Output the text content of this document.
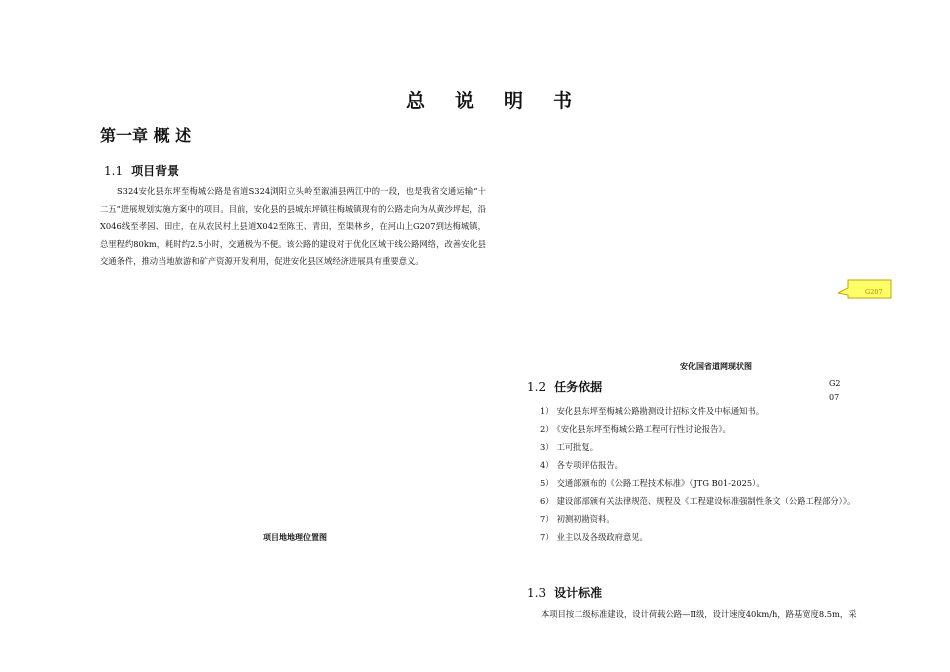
总说明书
第一章 概 述
1.1 项目背景
S324安化县东坪至梅城公路是省道S324浏阳立头岭至溆浦县两江中的一段，也是我省交通运输“十二五”进展规划实施方案中的项目。目前，安化县的县城东坪镇往梅城镇现有的公路走向为从黄沙坪起，沿X046线至孝园、田庄，在从农民村上县道X042至陈王、青田，至渠林乡，在河山上G207到达梅城镇，总里程约80km，耗时约2.5小时，交通极为不便。该公路的建设对于优化区域干线公路网络，改善安化县交通条件，推动当地旅游和矿产资源开发利用，促进安化县区域经济进展具有重要意义。
项目地地理位置图
G207
安化国省道网现状图
1.2 任务依据	G207
1） 安化县东坪至梅城公路勘测设计招标文件及中标通知书。
2） 《安化县东坪至梅城公路工程可行性讨论报告》。
3） 工可批复。
4） 各专项评估报告。
5） 交通部颁布的《公路工程技术标准》（JTG B01-2025）。
6） 建设部部颁有关法律规范、规程及《工程建设标准强制性条文（公路工程部分）》。
7） 初测初勘资料。
7） 业主以及各级政府意见。
1.3 设计标准
本项目按二级标准建设，设计荷载公路—Ⅱ级，设计速度40km/h，路基宽度8.5m，采
